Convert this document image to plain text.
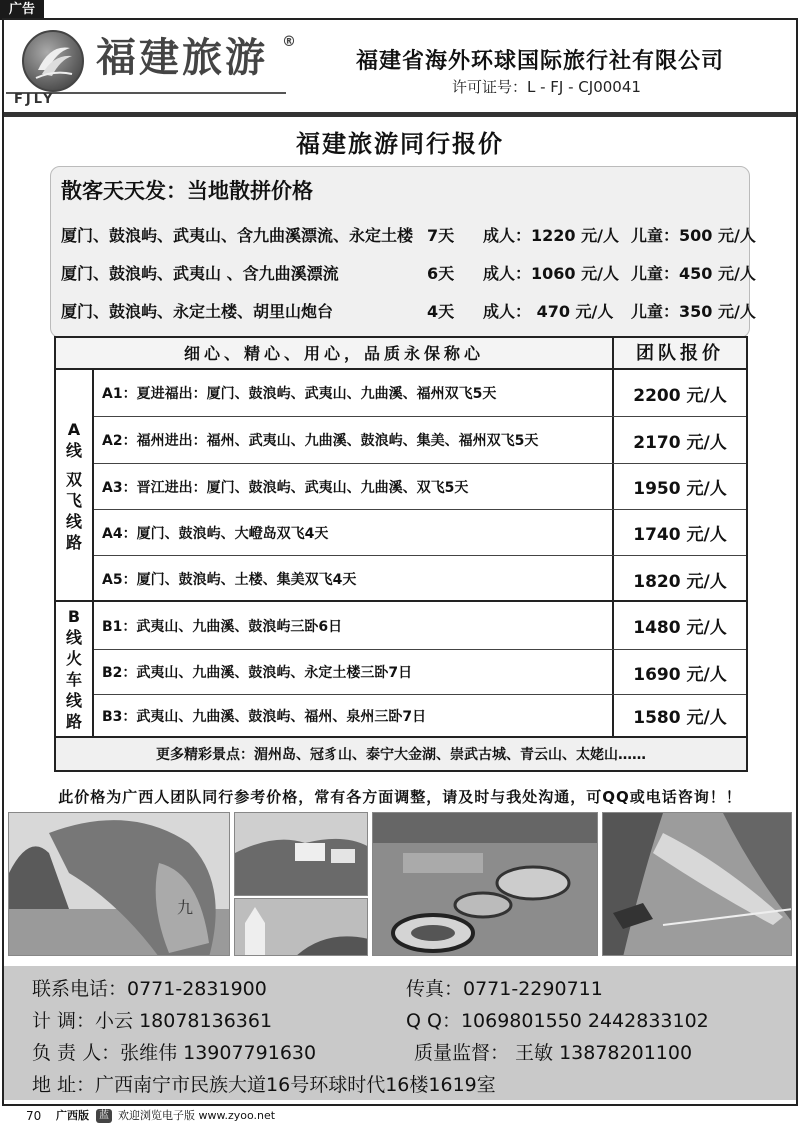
广告
福建旅游 ®
FJLY
福建省海外环球国际旅行社有限公司
许可证号：L - FJ - CJ00041
福建旅游同行报价
散客天天发：当地散拼价格
厦门、鼓浪屿、武夷山、含九曲溪漂流、永定土楼 7天 成人：1220 元/人 儿童：500 元/人
厦门、鼓浪屿、武夷山 、含九曲溪漂流	6天 成人：1060 元/人 儿童：450 元/人
厦门、鼓浪屿、永定土楼、胡里山炮台	4天 成人： 470 元/人 儿童：350 元/人
细心、精心、用心，品质永保称心	团队报价
A
线
双
飞
线
路
A1：夏进福出：厦门、鼓浪屿、武夷山、九曲溪、福州双飞5天	2200 元/人
A2：福州进出：福州、武夷山、九曲溪、鼓浪屿、集美、福州双飞5天	2170 元/人
A3：晋江进出：厦门、鼓浪屿、武夷山、九曲溪、双飞5天	1950 元/人
A4：厦门、鼓浪屿、大嶝岛双飞4天	1740 元/人
A5：厦门、鼓浪屿、土楼、集美双飞4天	1820 元/人
B
线
火
车
线
路
B1：武夷山、九曲溪、鼓浪屿三卧6日	1480 元/人
B2：武夷山、九曲溪、鼓浪屿、永定土楼三卧7日	1690 元/人
B3：武夷山、九曲溪、鼓浪屿、福州、泉州三卧7日	1580 元/人
更多精彩景点：湄州岛、冠豸山、泰宁大金湖、崇武古城、青云山、太姥山……
此价格为广西人团队同行参考价格，常有各方面调整，请及时与我处沟通，可QQ或电话咨询！！
九
联系电话：0771-2831900	传真：0771-2290711
计 调：小云 18078136361	Q Q：1069801550 2442833102
负 责 人：张维伟 13907791630	质量监督： 王敏 13878201100
地 址：广西南宁市民族大道16号环球时代16楼1619室
70 广西版	蓝 欢迎浏览电子版 www.zyoo.net
